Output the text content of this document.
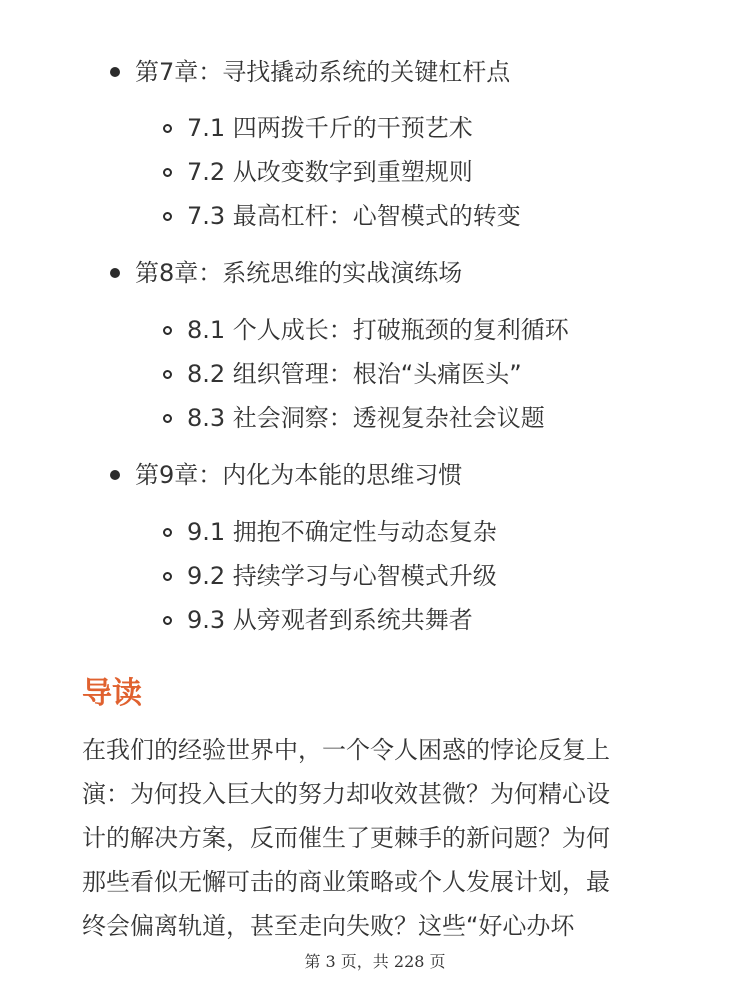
第7章：寻找撬动系统的关键杠杆点
7.1 四两拨千斤的干预艺术
7.2 从改变数字到重塑规则
7.3 最高杠杆：心智模式的转变
第8章：系统思维的实战演练场
8.1 个人成长：打破瓶颈的复利循环
8.2 组织管理：根治“头痛医头”
8.3 社会洞察：透视复杂社会议题
第9章：内化为本能的思维习惯
9.1 拥抱不确定性与动态复杂
9.2 持续学习与心智模式升级
9.3 从旁观者到系统共舞者
导读
在我们的经验世界中，一个令人困惑的悖论反复上
演：为何投入巨大的努力却收效甚微？为何精心设
计的解决方案，反而催生了更棘手的新问题？为何
那些看似无懈可击的商业策略或个人发展计划，最
终会偏离轨道，甚至走向失败？这些“好心办坏
第 3 页，共 228 页
